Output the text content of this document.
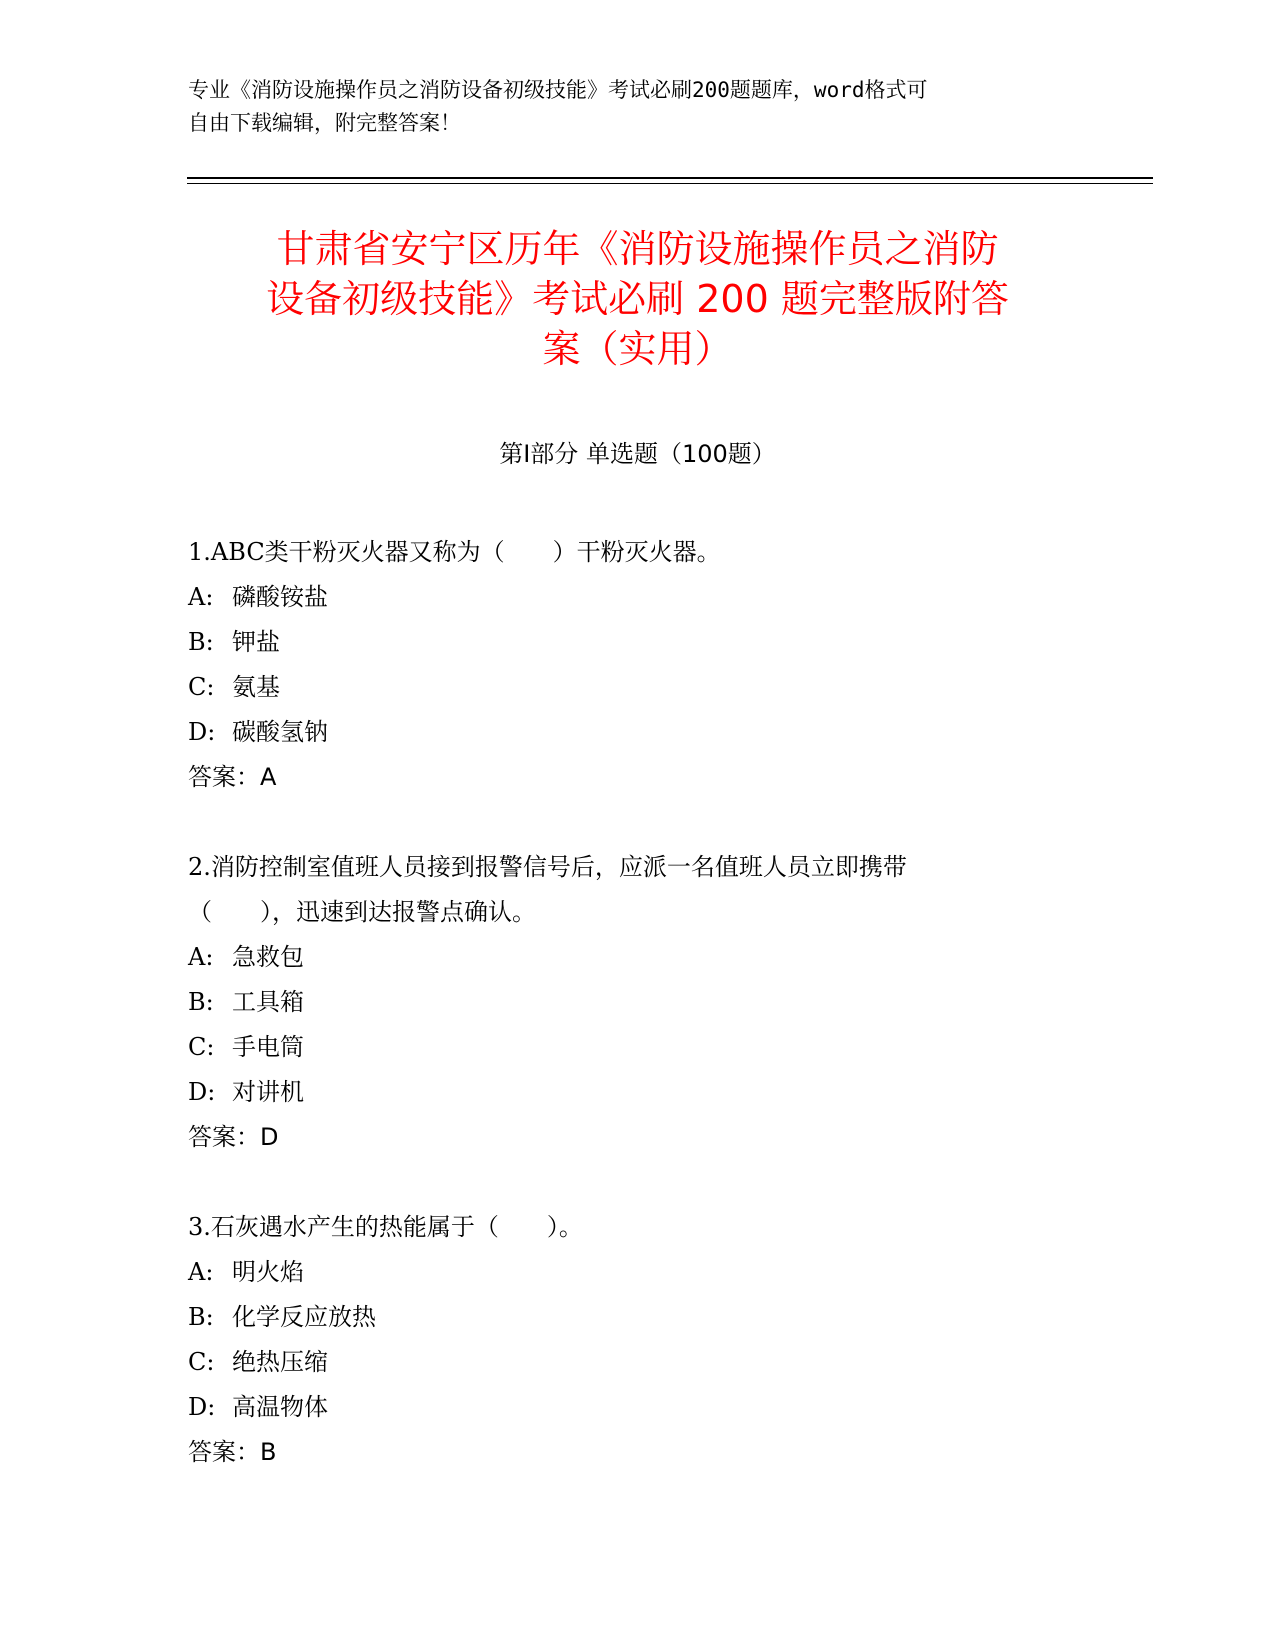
专业《消防设施操作员之消防设备初级技能》考试必刷200题题库，word格式可
自由下载编辑，附完整答案！
甘肃省安宁区历年《消防设施操作员之消防
设备初级技能》考试必刷 200 题完整版附答
案（实用）
第Ⅰ部分 单选题（100题）
1.ABC类干粉灭火器又称为（　　）干粉灭火器。
A: 磷酸铵盐
B: 钾盐
C: 氨基
D: 碳酸氢钠
答案：A
2.消防控制室值班人员接到报警信号后，应派一名值班人员立即携带
（　　），迅速到达报警点确认。
A: 急救包
B: 工具箱
C: 手电筒
D: 对讲机
答案：D
3.石灰遇水产生的热能属于（　　）。
A: 明火焰
B: 化学反应放热
C: 绝热压缩
D: 高温物体
答案：B
